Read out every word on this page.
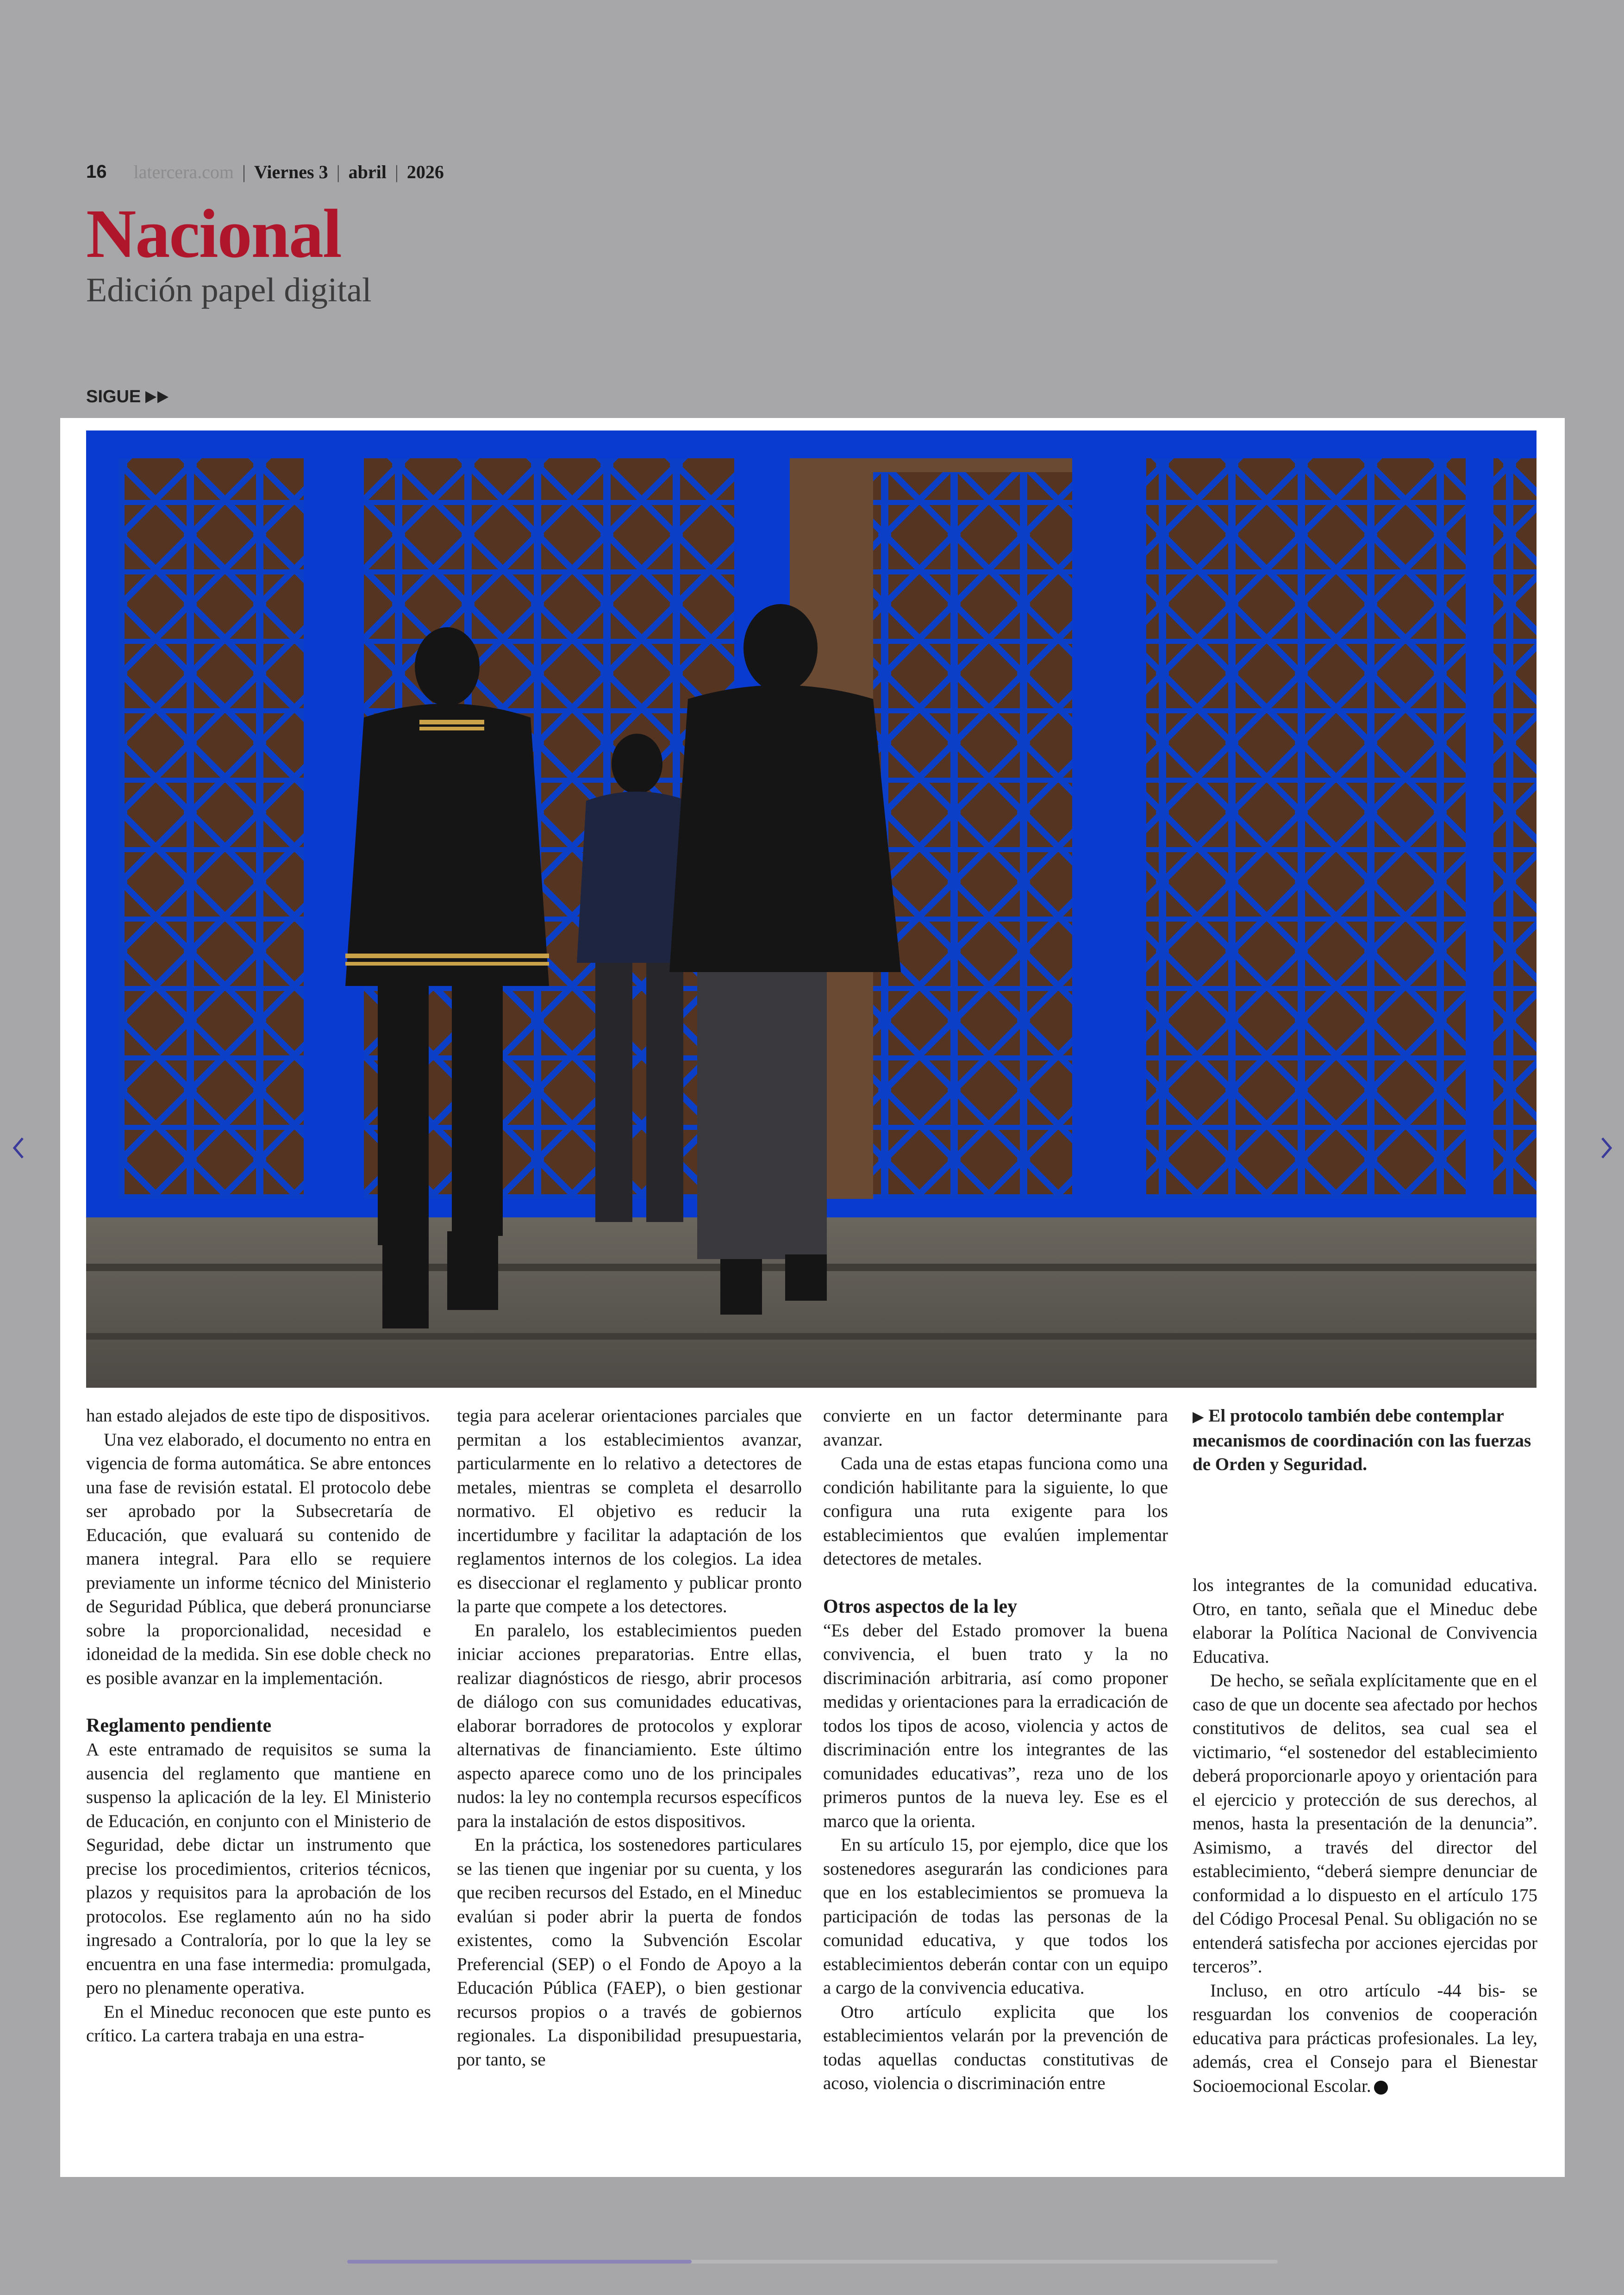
16 latercera.com | Viernes 3 | abril | 2026
Nacional
Edición papel digital
SIGUE

han estado alejados de este tipo de dispositivos.

Una vez elaborado, el documento no entra en vigencia de forma automática. Se abre entonces una fase de revisión estatal. El protocolo debe ser aprobado por la Subsecretaría de Educación, que evaluará su contenido de manera integral. Para ello se requiere previamente un informe técnico del Ministerio de Seguridad Pública, que deberá pronunciarse sobre la proporcionalidad, necesidad e idoneidad de la medida. Sin ese doble check no es posible avanzar en la implementación.

Reglamento pendiente

A este entramado de requisitos se suma la ausencia del reglamento que mantiene en suspenso la aplicación de la ley. El Ministerio de Educación, en conjunto con el Ministerio de Seguridad, debe dictar un instrumento que precise los procedimientos, criterios técnicos, plazos y requisitos para la aprobación de los protocolos. Ese reglamento aún no ha sido ingresado a Contraloría, por lo que la ley se encuentra en una fase intermedia: promulgada, pero no plenamente operativa.

En el Mineduc reconocen que este punto es crítico. La cartera trabaja en una estra-

tegia para acelerar orientaciones parciales que permitan a los establecimientos avanzar, particularmente en lo relativo a detectores de metales, mientras se completa el desarrollo normativo. El objetivo es reducir la incertidumbre y facilitar la adaptación de los reglamentos internos de los colegios. La idea es diseccionar el reglamento y publicar pronto la parte que compete a los detectores.

En paralelo, los establecimientos pueden iniciar acciones preparatorias. Entre ellas, realizar diagnósticos de riesgo, abrir procesos de diálogo con sus comunidades educativas, elaborar borradores de protocolos y explorar alternativas de financiamiento. Este último aspecto aparece como uno de los principales nudos: la ley no contempla recursos específicos para la instalación de estos dispositivos.

En la práctica, los sostenedores particulares se las tienen que ingeniar por su cuenta, y los que reciben recursos del Estado, en el Mineduc evalúan si poder abrir la puerta de fondos existentes, como la Subvención Escolar Preferencial (SEP) o el Fondo de Apoyo a la Educación Pública (FAEP), o bien gestionar recursos propios o a través de gobiernos regionales. La disponibilidad presupuestaria, por tanto, se

convierte en un factor determinante para avanzar.

Cada una de estas etapas funciona como una condición habilitante para la siguiente, lo que configura una ruta exigente para los establecimientos que evalúen implementar detectores de metales.

Otros aspectos de la ley

“Es deber del Estado promover la buena convivencia, el buen trato y la no discriminación arbitraria, así como proponer medidas y orientaciones para la erradicación de todos los tipos de acoso, violencia y actos de discriminación entre los integrantes de las comunidades educativas”, reza uno de los primeros puntos de la nueva ley. Ese es el marco que la orienta.

En su artículo 15, por ejemplo, dice que los sostenedores asegurarán las condiciones para que en los establecimientos se promueva la participación de todas las personas de la comunidad educativa, y que todos los establecimientos deberán contar con un equipo a cargo de la convivencia educativa.

Otro artículo explicita que los establecimientos velarán por la prevención de todas aquellas conductas constitutivas de acoso, violencia o discriminación entre

▶ El protocolo también debe contemplar mecanismos de coordinación con las fuerzas de Orden y Seguridad.

los integrantes de la comunidad educativa. Otro, en tanto, señala que el Mineduc debe elaborar la Política Nacional de Convivencia Educativa.

De hecho, se señala explícitamente que en el caso de que un docente sea afectado por hechos constitutivos de delitos, sea cual sea el victimario, “el sostenedor del establecimiento deberá proporcionarle apoyo y orientación para el ejercicio y protección de sus derechos, al menos, hasta la presentación de la denuncia”. Asimismo, a través del director del establecimiento, “deberá siempre denunciar de conformidad a lo dispuesto en el artículo 175 del Código Procesal Penal. Su obligación no se entenderá satisfecha por acciones ejercidas por terceros”.

Incluso, en otro artículo -44 bis- se resguardan los convenios de cooperación educativa para prácticas profesionales. La ley, además, crea el Consejo para el Bienestar Socioemocional Escolar.
